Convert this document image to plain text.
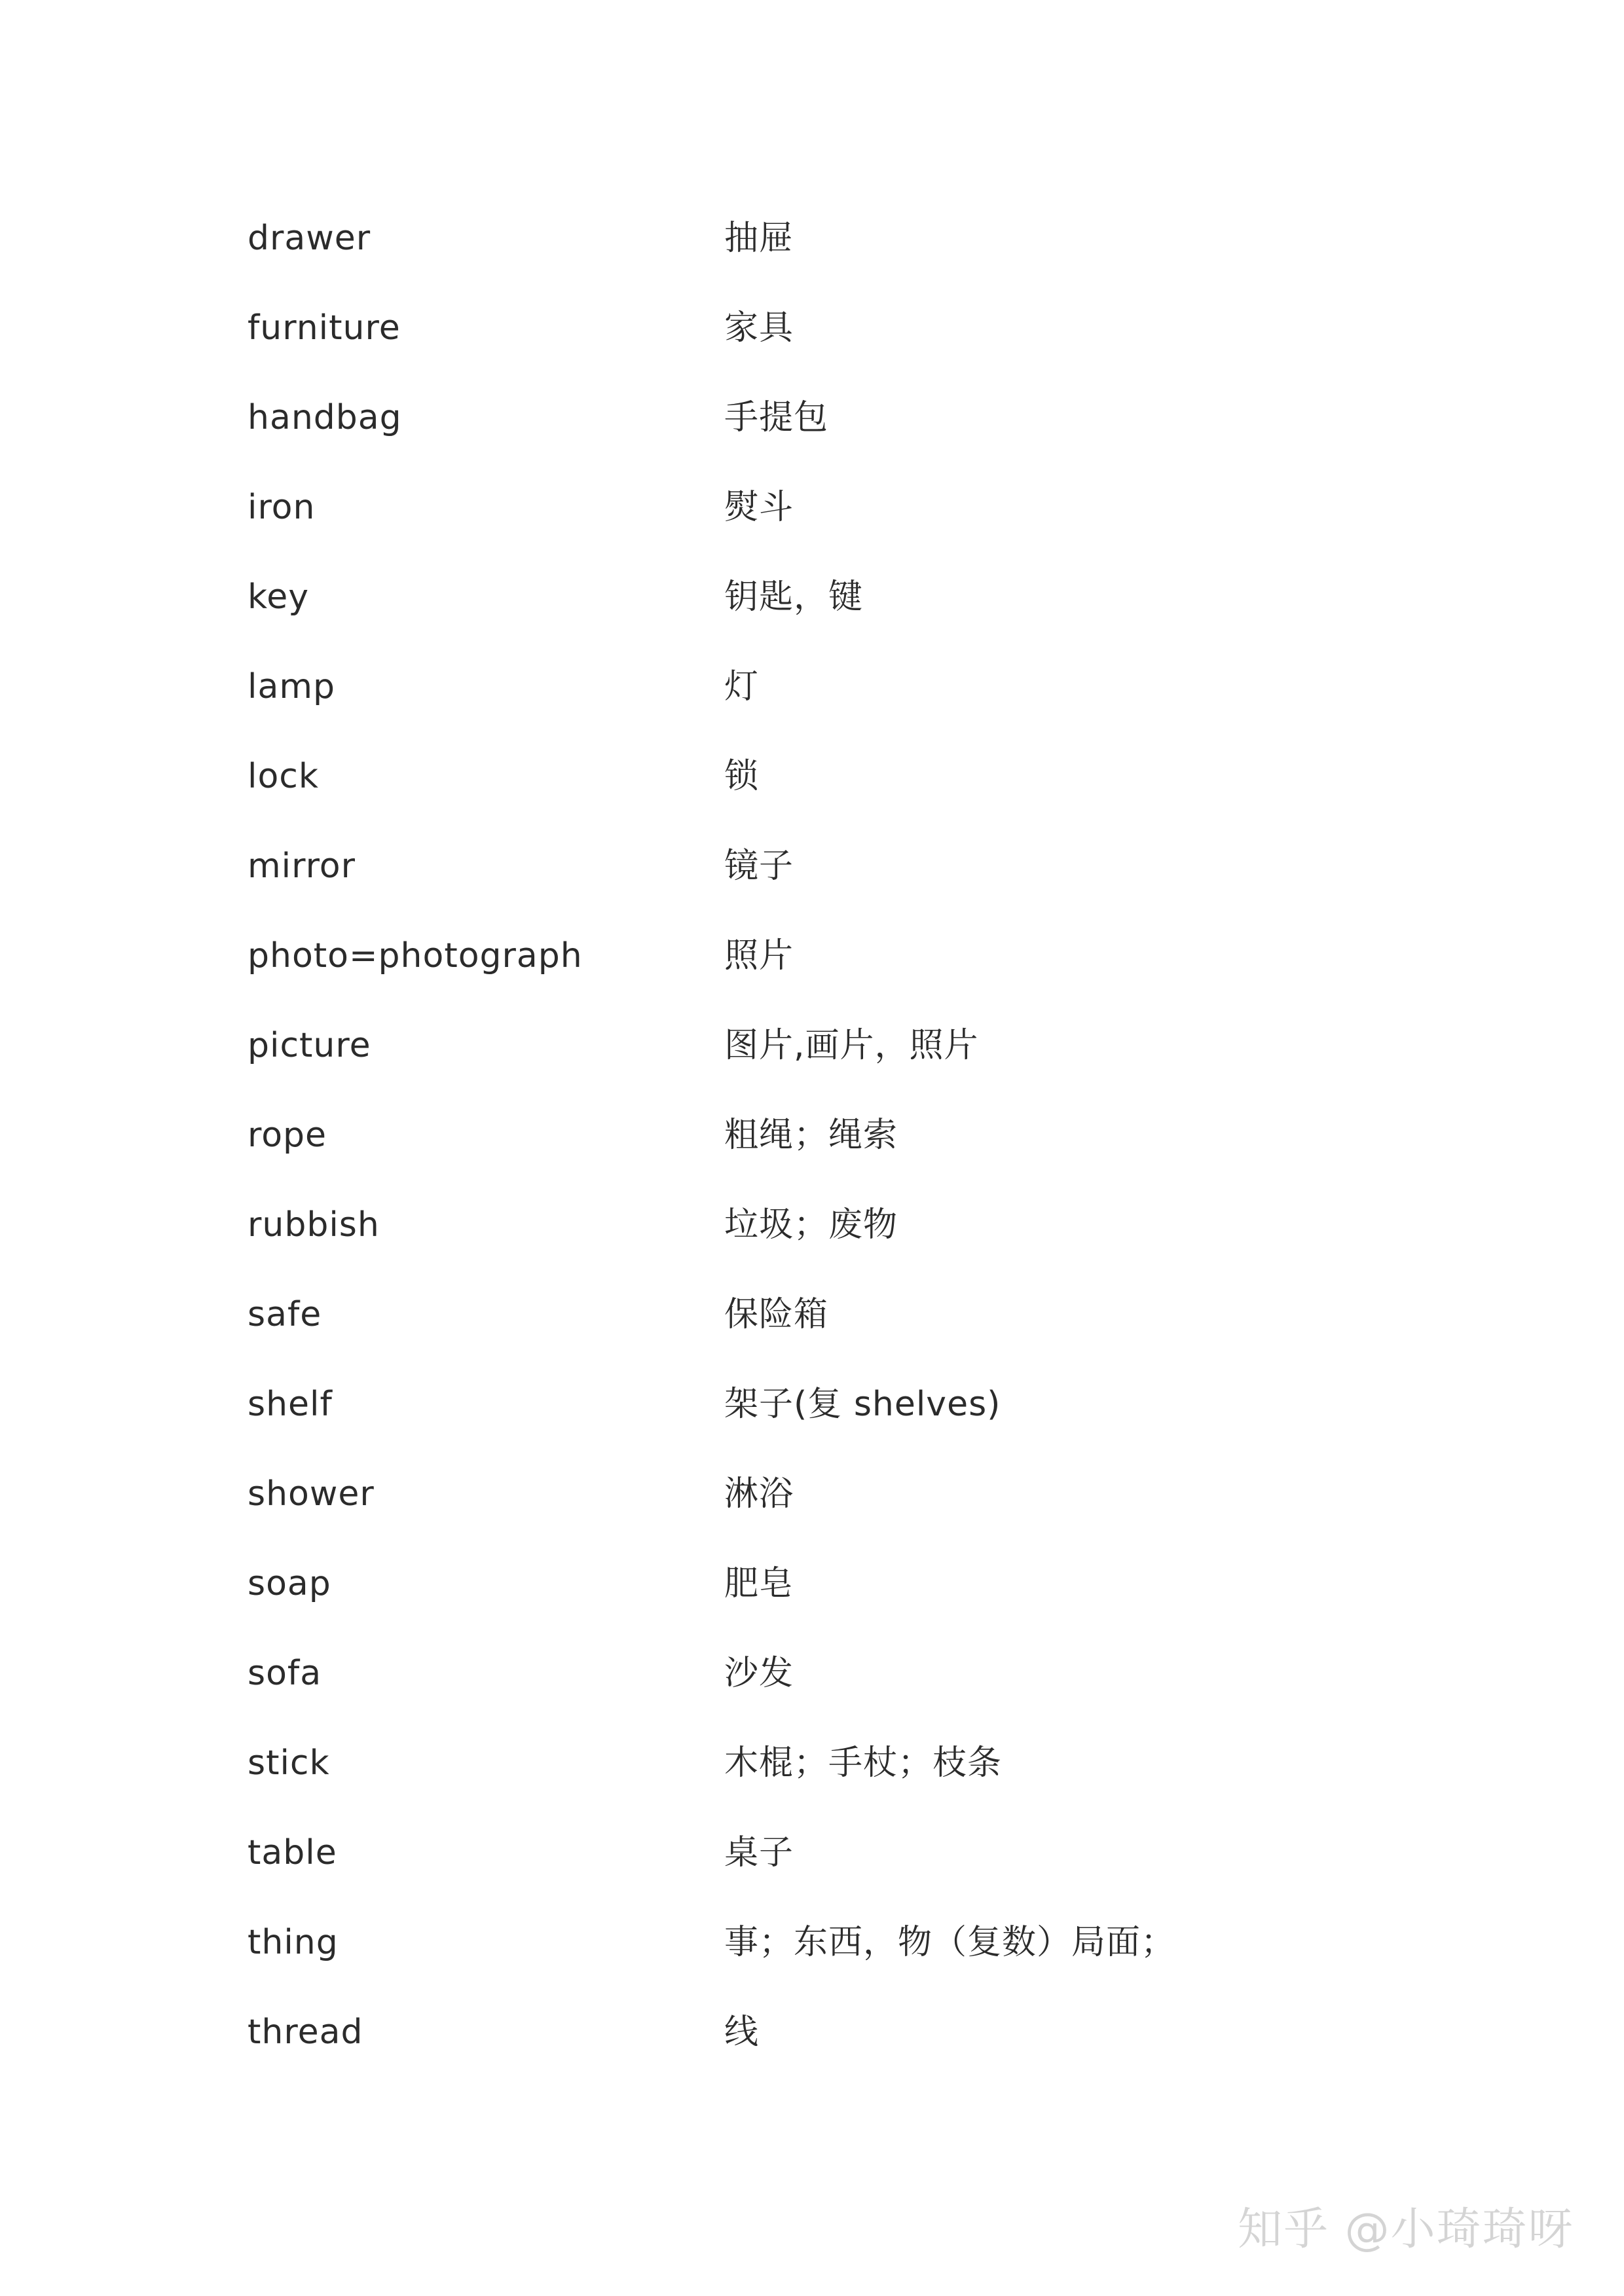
drawer	抽屉
furniture	家具
handbag	手提包
iron	熨斗
key	钥匙，键
lamp	灯
lock	锁
mirror	镜子
photo=photograph	照片
picture	图片,画片，照片
rope	粗绳；绳索
rubbish	垃圾；废物
safe	保险箱
shelf	架子(复 shelves)
shower	淋浴
soap	肥皂
sofa	沙发
stick	木棍；手杖；枝条
table	桌子
thing	事；东西，物（复数）局面；
thread	线
知乎 @小琦琦呀
